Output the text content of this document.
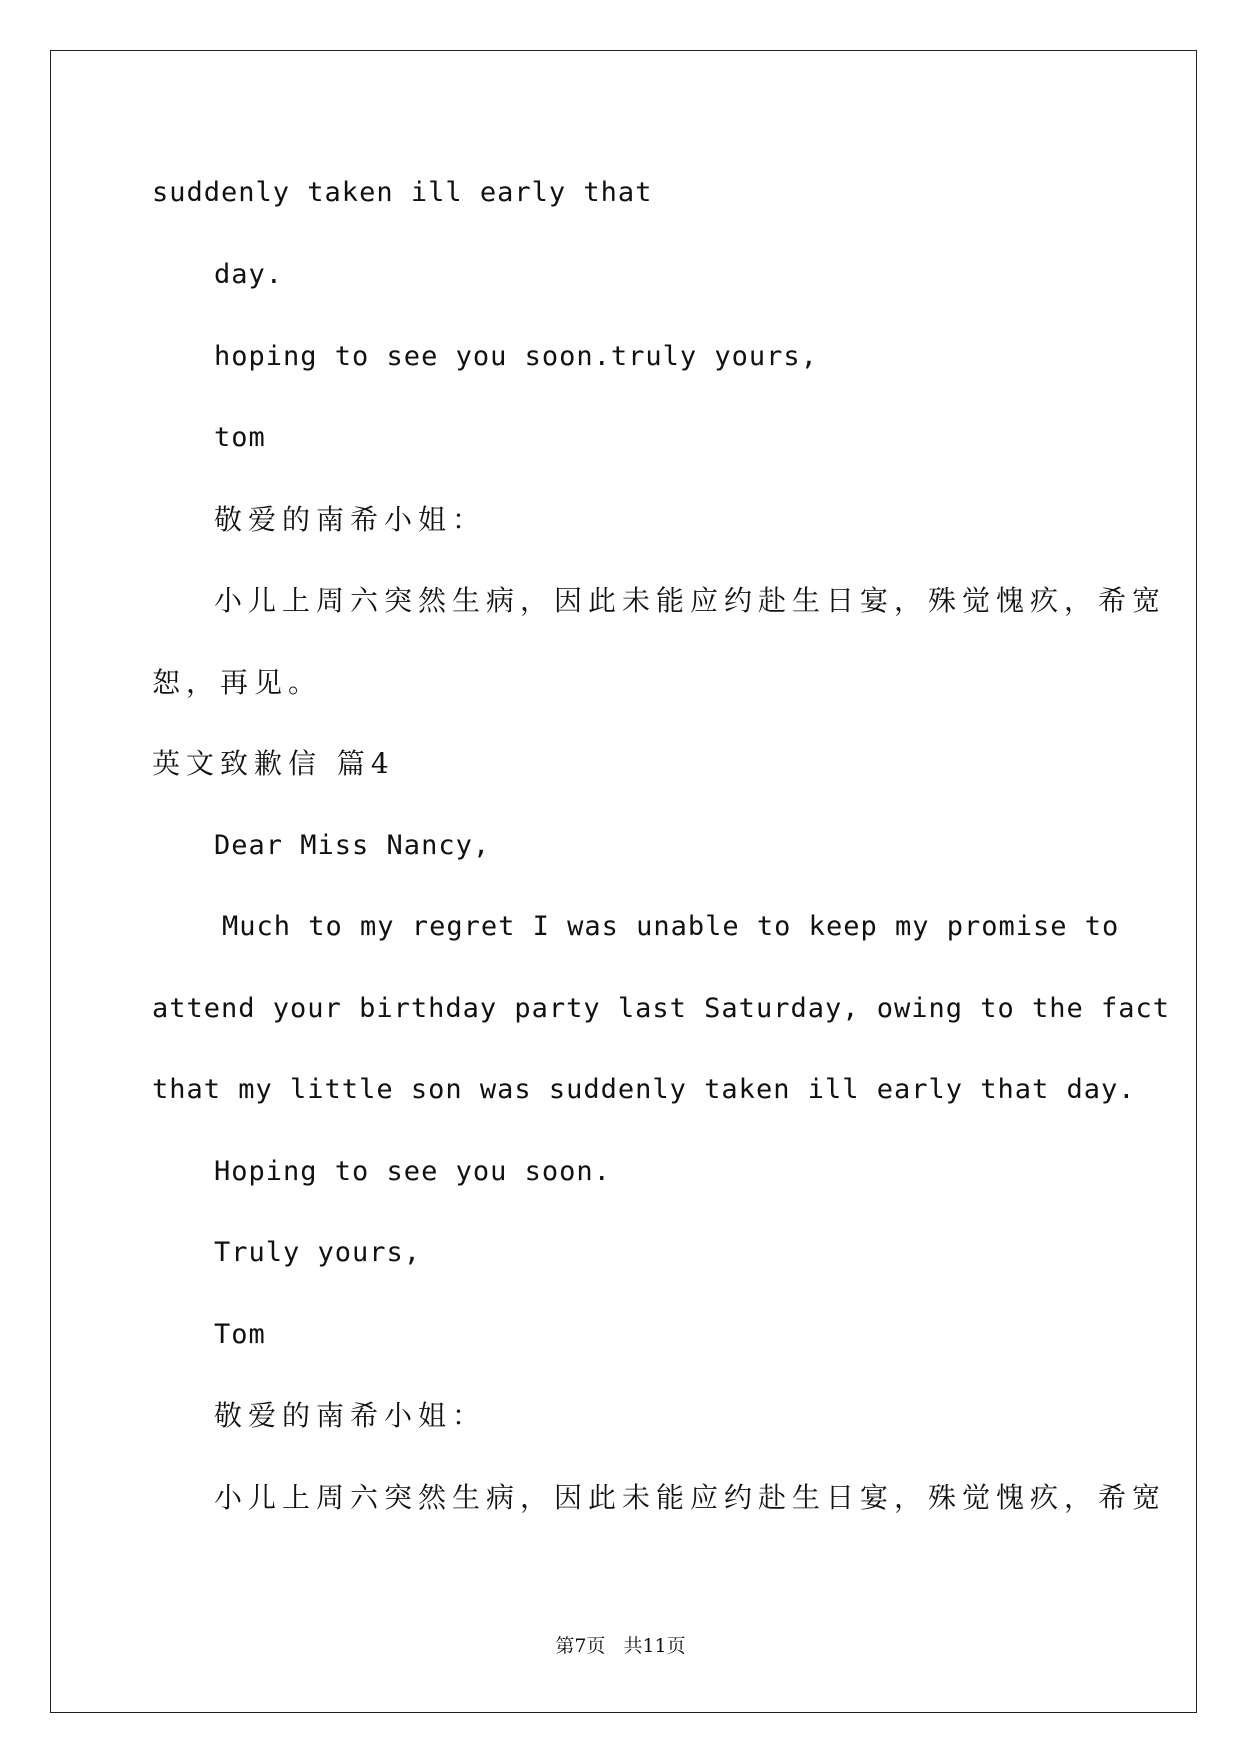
suddenly taken ill early that
day.
hoping to see you soon.truly yours,
tom
敬爱的南希小姐：
小儿上周六突然生病，因此未能应约赴生日宴，殊觉愧疚，希宽
恕，再见。
英文致歉信 篇4
Dear Miss Nancy,
Much to my regret I was unable to keep my promise to
attend your birthday party last Saturday, owing to the fact
that my little son was suddenly taken ill early that day.
Hoping to see you soon.
Truly yours,
Tom
敬爱的南希小姐：
小儿上周六突然生病，因此未能应约赴生日宴，殊觉愧疚，希宽
第7页 共11页
